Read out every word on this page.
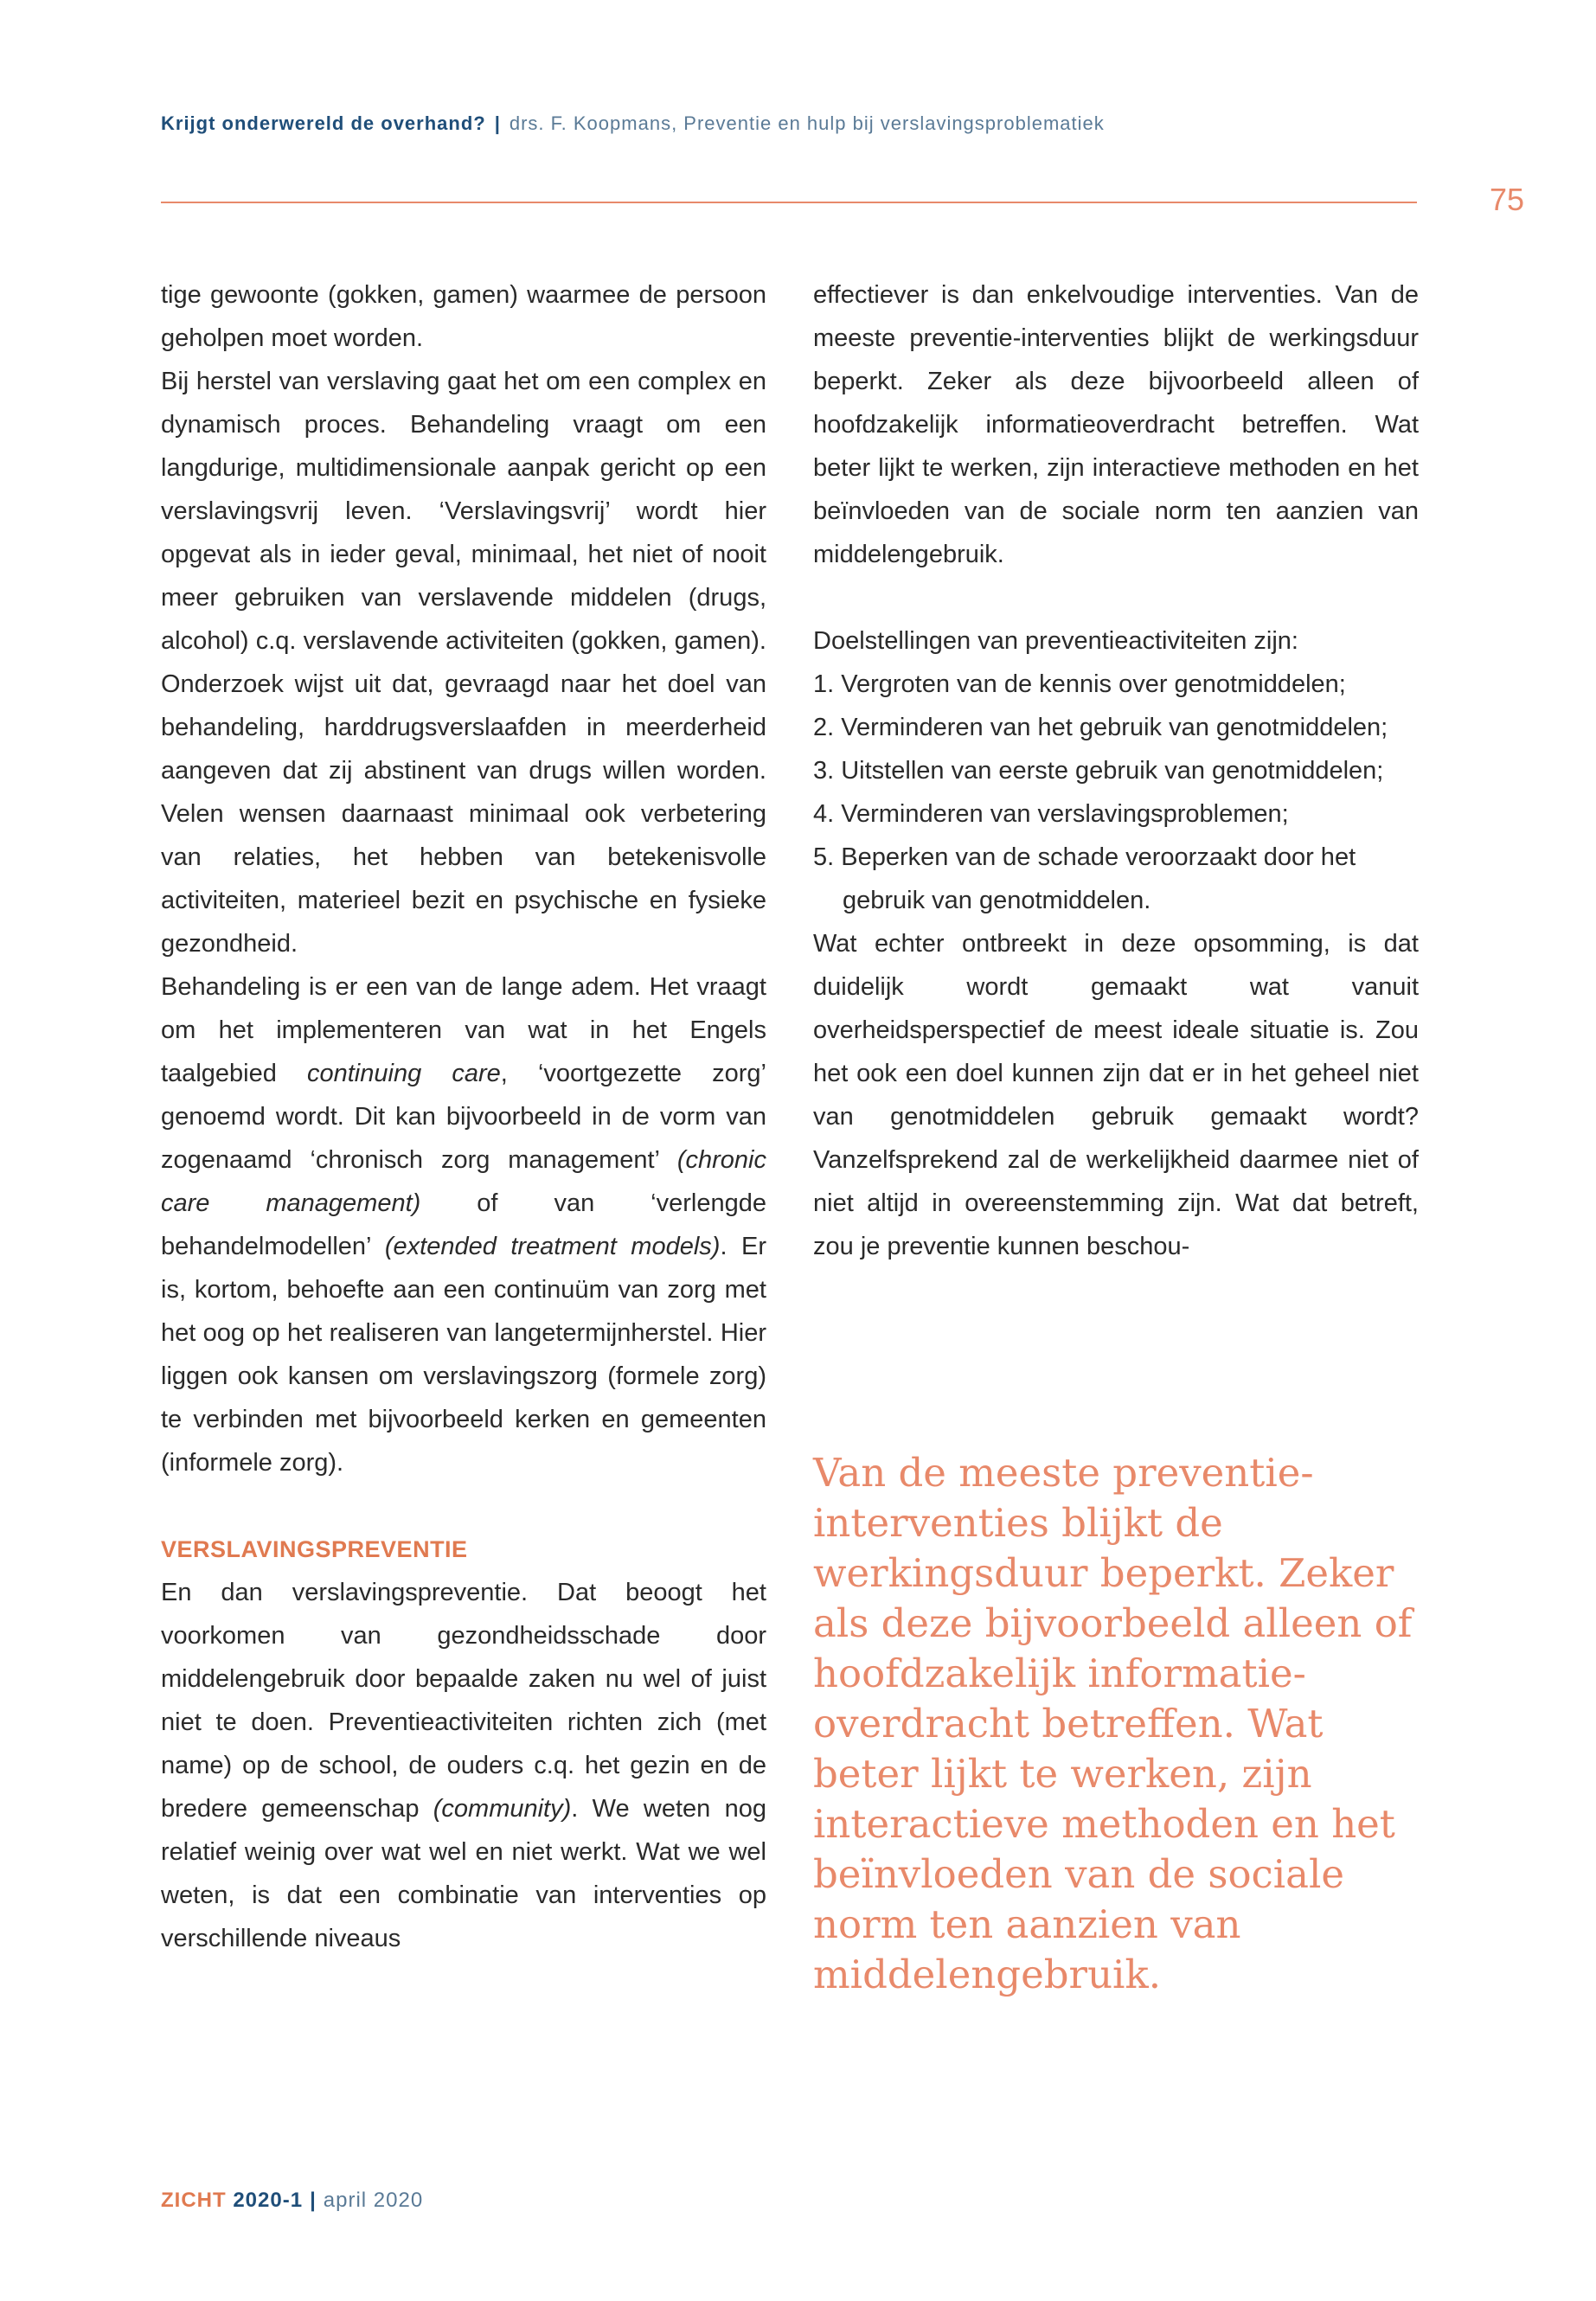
Krijgt onderwereld de overhand? | drs. F. Koopmans, Preventie en hulp bij verslavingsproblematiek
75

tige gewoonte (gokken, gamen) waarmee de persoon geholpen moet worden.

Bij herstel van verslaving gaat het om een complex en dynamisch proces. Behandeling vraagt om een langdurige, multidimensionale aanpak gericht op een verslavingsvrij leven. ‘Verslavingsvrij’ wordt hier opgevat als in ieder geval, minimaal, het niet of nooit meer gebruiken van verslavende middelen (drugs, alcohol) c.q. verslavende activiteiten (gokken, gamen). Onderzoek wijst uit dat, gevraagd naar het doel van behandeling, harddrugsverslaafden in meerderheid aangeven dat zij abstinent van drugs willen worden. Velen wensen daarnaast minimaal ook verbetering van relaties, het hebben van betekenisvolle activiteiten, materieel bezit en psychische en fysieke gezondheid.

Behandeling is er een van de lange adem. Het vraagt om het implementeren van wat in het Engels taalgebied continuing care, ‘voortgezette zorg’ genoemd wordt. Dit kan bijvoorbeeld in de vorm van zogenaamd ‘chronisch zorg management’ (chronic care management) of van ‘verlengde behandelmodellen’ (extended treatment models). Er is, kortom, behoefte aan een continuüm van zorg met het oog op het realiseren van langetermijnherstel. Hier liggen ook kansen om verslavingszorg (formele zorg) te verbinden met bijvoorbeeld kerken en gemeenten (informele zorg).

VERSLAVINGSPREVENTIE

En dan verslavingspreventie. Dat beoogt het voorkomen van gezondheidsschade door middelengebruik door bepaalde zaken nu wel of juist niet te doen. Preventieactiviteiten richten zich (met name) op de school, de ouders c.q. het gezin en de bredere gemeenschap (community). We weten nog relatief weinig over wat wel en niet werkt. Wat we wel weten, is dat een combinatie van interventies op verschillende niveaus

effectiever is dan enkelvoudige interventies. Van de meeste preventie-interventies blijkt de werkingsduur beperkt. Zeker als deze bijvoorbeeld alleen of hoofdzakelijk informatieoverdracht betreffen. Wat beter lijkt te werken, zijn interactieve methoden en het beïnvloeden van de sociale norm ten aanzien van middelengebruik.

Doelstellingen van preventieactiviteiten zijn:

1. Vergroten van de kennis over genotmiddelen;
2. Verminderen van het gebruik van genotmiddelen;
3. Uitstellen van eerste gebruik van genotmiddelen;
4. Verminderen van verslavingsproblemen;
5. Beperken van de schade veroorzaakt door het gebruik van genotmiddelen.

Wat echter ontbreekt in deze opsomming, is dat duidelijk wordt gemaakt wat vanuit overheidsperspectief de meest ideale situatie is. Zou het ook een doel kunnen zijn dat er in het geheel niet van genotmiddelen gebruik gemaakt wordt? Vanzelfsprekend zal de werkelijkheid daarmee niet of niet altijd in overeenstemming zijn. Wat dat betreft, zou je preventie kunnen beschou-

Van de meeste preventie-interventies blijkt de werkingsduur beperkt. Zeker als deze bijvoorbeeld alleen of hoofdzakelijk informatie-overdracht betreffen. Wat beter lijkt te werken, zijn interactieve methoden en het beïnvloeden van de sociale norm ten aanzien van middelengebruik.

ZICHT 2020-1 | april 2020
